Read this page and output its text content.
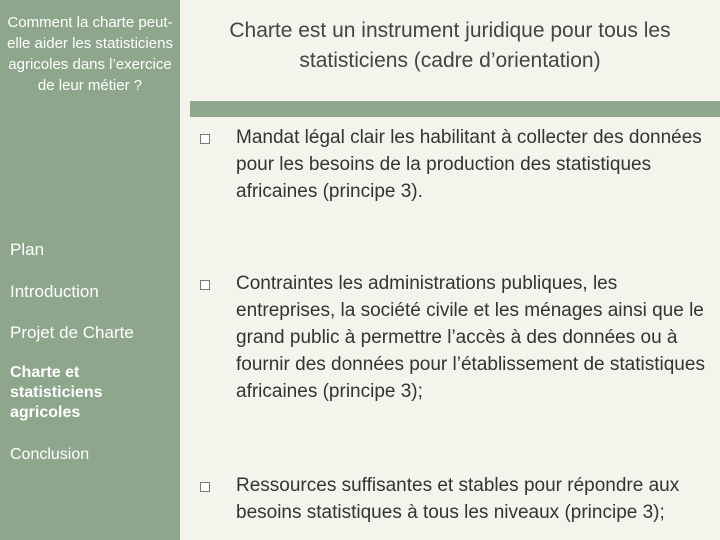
Comment la charte peut-elle aider les statisticiens agricoles dans l’exercice de leur métier ?
Plan
Introduction
Projet de Charte
Charte et statisticiens agricoles
Conclusion
Charte est un instrument juridique pour tous les statisticiens (cadre d’orientation)
Mandat légal clair les habilitant à collecter des données pour les besoins de la production des statistiques africaines (principe 3).
Contraintes les administrations publiques, les entreprises, la société civile et les ménages ainsi que le grand public à permettre l’accès à des données ou à fournir des données pour l’établissement de statistiques africaines (principe 3);
Ressources suffisantes et stables pour répondre aux besoins statistiques à tous les niveaux (principe 3);
